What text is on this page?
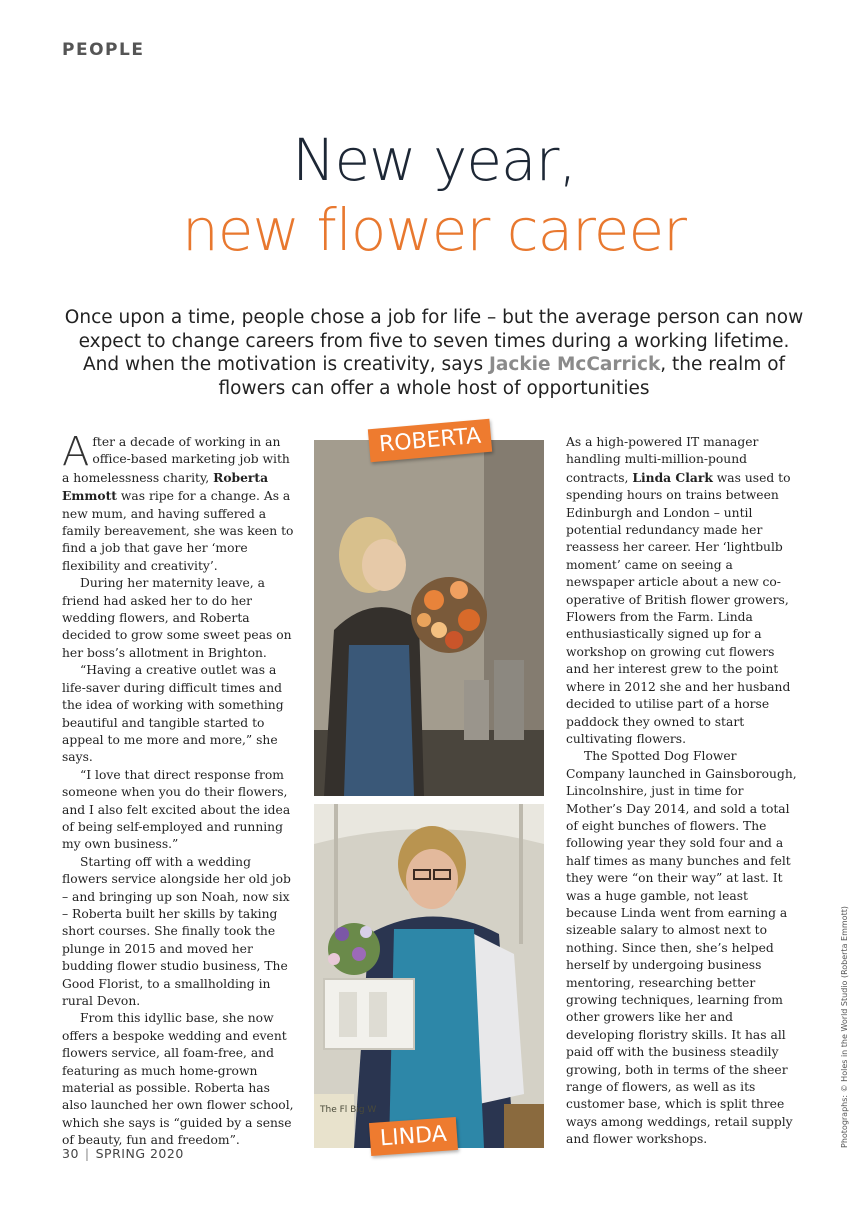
PEOPLE
New year,
new flower career
Once upon a time, people chose a job for life – but the average person can now expect to change careers from five to seven times during a working lifetime. And when the motivation is creativity, says Jackie McCarrick, the realm of flowers can offer a whole host of opportunities

After a decade of working in an office-based marketing job with a homelessness charity, Roberta Emmott was ripe for a change. As a new mum, and having suffered a family bereavement, she was keen to find a job that gave her ‘more flexibility and creativity’.

During her maternity leave, a friend had asked her to do her wedding flowers, and Roberta decided to grow some sweet peas on her boss’s allotment in Brighton.

“Having a creative outlet was a life-saver during difficult times and the idea of working with something beautiful and tangible started to appeal to me more and more,” she says.

“I love that direct response from someone when you do their flowers, and I also felt excited about the idea of being self-employed and running my own business.”

Starting off with a wedding flowers service alongside her old job – and bringing up son Noah, now six – Roberta built her skills by taking short courses. She finally took the plunge in 2015 and moved her budding flower studio business, The Good Florist, to a smallholding in rural Devon.

From this idyllic base, she now offers a bespoke wedding and event flowers service, all foam-free, and featuring as much home-grown material as possible. Roberta has also launched her own flower school, which she says is “guided by a sense of beauty, fun and freedom”.

The Fl Big W
ROBERTA
LINDA

As a high-powered IT manager handling multi-million-pound contracts, Linda Clark was used to spending hours on trains between Edinburgh and London – until potential redundancy made her reassess her career. Her ‘lightbulb moment’ came on seeing a newspaper article about a new co-operative of British flower growers, Flowers from the Farm. Linda enthusiastically signed up for a workshop on growing cut flowers and her interest grew to the point where in 2012 she and her husband decided to utilise part of a horse paddock they owned to start cultivating flowers.

The Spotted Dog Flower Company launched in Gainsborough, Lincolnshire, just in time for Mother’s Day 2014, and sold a total of eight bunches of flowers. The following year they sold four and a half times as many bunches and felt they were “on their way” at last. It was a huge gamble, not least because Linda went from earning a sizeable salary to almost next to nothing. Since then, she’s helped herself by undergoing business mentoring, researching better growing techniques, learning from other growers like her and developing floristry skills. It has all paid off with the business steadily growing, both in terms of the sheer range of flowers, as well as its customer base, which is split three ways among weddings, retail supply and flower workshops.

30 | SPRING 2020
Photographs: © Holes in the World Studio (Roberta Emmott)
